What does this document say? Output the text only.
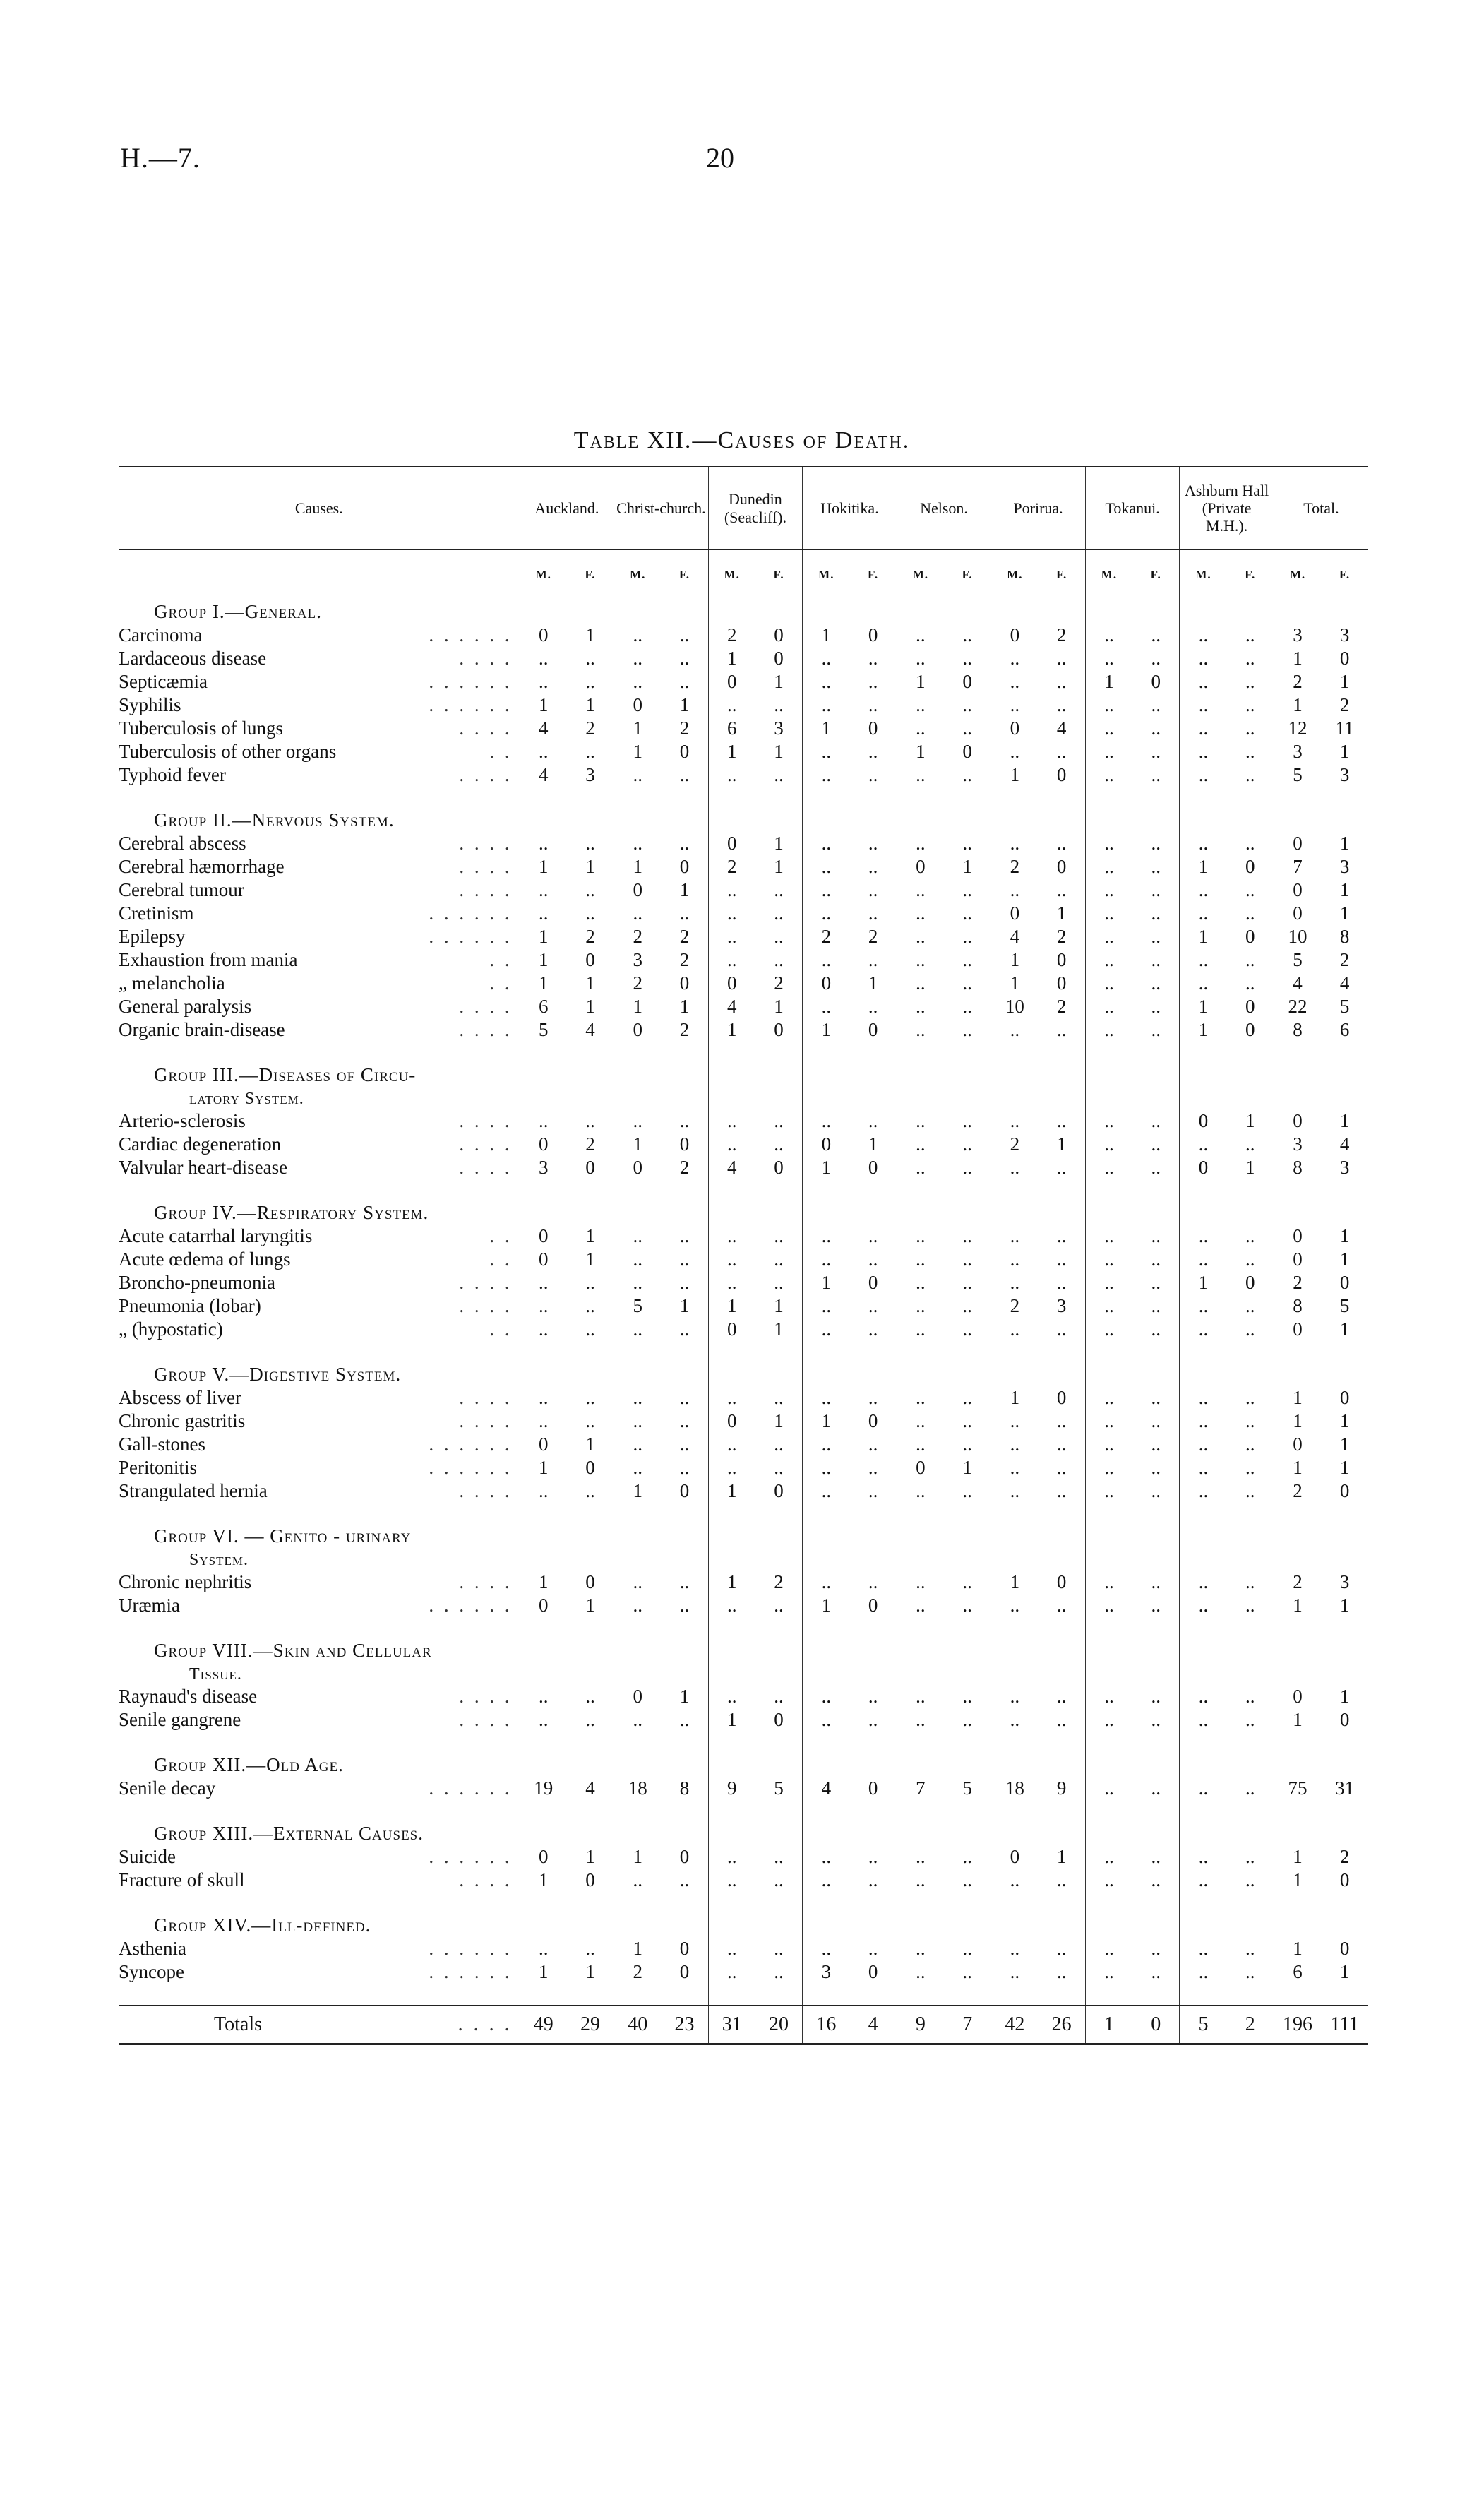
H.—7.	20
Table XII.—Causes of Death.
Causes.	Auckland.		Christ-church.		Dunedin (Seacliff).		Hokitika.		Nelson.		Porirua.		Tokanui.		Ashburn Hall (Private M.H.).		Total.	
	M.	F.	M.	F.	M.	F.	M.	F.	M.	F.	M.	F.	M.	F.	M.	F.	M.	F.
Group I.—General.																		

Carcinoma . . . . . .	0	1	..	..	2	0	1	0	..	..	0	2	..	..	..	..	3	3

Lardaceous disease . . . .	..	..	..	..	1	0	..	..	..	..	..	..	..	..	..	..	1	0

Septicæmia . . . . . .	..	..	..	..	0	1	..	..	1	0	..	..	1	0	..	..	2	1

Syphilis . . . . . .	1	1	0	1	..	..	..	..	..	..	..	..	..	..	..	..	1	2

Tuberculosis of lungs . . . .	4	2	1	2	6	3	1	0	..	..	0	4	..	..	..	..	12	11

Tuberculosis of other organs . .	..	..	1	0	1	1	..	..	1	0	..	..	..	..	..	..	3	1

Typhoid fever . . . .	4	3	..	..	..	..	..	..	..	..	1	0	..	..	..	..	5	3

Group II.—Nervous System.																		

Cerebral abscess . . . .	..	..	..	..	0	1	..	..	..	..	..	..	..	..	..	..	0	1

Cerebral hæmorrhage . . . .	1	1	1	0	2	1	..	..	0	1	2	0	..	..	1	0	7	3

Cerebral tumour . . . .	..	..	0	1	..	..	..	..	..	..	..	..	..	..	..	..	0	1

Cretinism . . . . . .	..	..	..	..	..	..	..	..	..	..	0	1	..	..	..	..	0	1

Epilepsy . . . . . .	1	2	2	2	..	..	2	2	..	..	4	2	..	..	1	0	10	8

Exhaustion from mania . .	1	0	3	2	..	..	..	..	..	..	1	0	..	..	..	..	5	2

„ melancholia . .	1	1	2	0	0	2	0	1	..	..	1	0	..	..	..	..	4	4

General paralysis . . . .	6	1	1	1	4	1	..	..	..	..	10	2	..	..	1	0	22	5

Organic brain-disease . . . .	5	4	0	2	1	0	1	0	..	..	..	..	..	..	1	0	8	6

Group III.—Diseases of Circu-																		
latory System.																		

Arterio-sclerosis . . . .	..	..	..	..	..	..	..	..	..	..	..	..	..	..	0	1	0	1

Cardiac degeneration . . . .	0	2	1	0	..	..	0	1	..	..	2	1	..	..	..	..	3	4

Valvular heart-disease . . . .	3	0	0	2	4	0	1	0	..	..	..	..	..	..	0	1	8	3

Group IV.—Respiratory System.																		

Acute catarrhal laryngitis . .	0	1	..	..	..	..	..	..	..	..	..	..	..	..	..	..	0	1

Acute œdema of lungs . .	0	1	..	..	..	..	..	..	..	..	..	..	..	..	..	..	0	1

Broncho-pneumonia . . . .	..	..	..	..	..	..	1	0	..	..	..	..	..	..	1	0	2	0

Pneumonia (lobar) . . . .	..	..	5	1	1	1	..	..	..	..	2	3	..	..	..	..	8	5

„ (hypostatic) . .	..	..	..	..	0	1	..	..	..	..	..	..	..	..	..	..	0	1

Group V.—Digestive System.																		

Abscess of liver . . . .	..	..	..	..	..	..	..	..	..	..	1	0	..	..	..	..	1	0

Chronic gastritis . . . .	..	..	..	..	0	1	1	0	..	..	..	..	..	..	..	..	1	1

Gall-stones . . . . . .	0	1	..	..	..	..	..	..	..	..	..	..	..	..	..	..	0	1

Peritonitis . . . . . .	1	0	..	..	..	..	..	..	0	1	..	..	..	..	..	..	1	1

Strangulated hernia . . . .	..	..	1	0	1	0	..	..	..	..	..	..	..	..	..	..	2	0

Group VI. — Genito - urinary																		
System.																		

Chronic nephritis . . . .	1	0	..	..	1	2	..	..	..	..	1	0	..	..	..	..	2	3

Uræmia . . . . . .	0	1	..	..	..	..	1	0	..	..	..	..	..	..	..	..	1	1

Group VIII.—Skin and Cellular																		
Tissue.																		

Raynaud's disease . . . .	..	..	0	1	..	..	..	..	..	..	..	..	..	..	..	..	0	1

Senile gangrene . . . .	..	..	..	..	1	0	..	..	..	..	..	..	..	..	..	..	1	0

Group XII.—Old Age.																		

Senile decay . . . . . .	19	4	18	8	9	5	4	0	7	5	18	9	..	..	..	..	75	31

Group XIII.—External Causes.																		

Suicide . . . . . .	0	1	1	0	..	..	..	..	..	..	0	1	..	..	..	..	1	2

Fracture of skull . . . .	1	0	..	..	..	..	..	..	..	..	..	..	..	..	..	..	1	0

Group XIV.—Ill-defined.																		

Asthenia . . . . . .	..	..	1	0	..	..	..	..	..	..	..	..	..	..	..	..	1	0

Syncope . . . . . .	1	1	2	0	..	..	3	0	..	..	..	..	..	..	..	..	6	1

Totals . . . .	49	29	40	23	31	20	16	4	9	7	42	26	1	0	5	2	196	111
